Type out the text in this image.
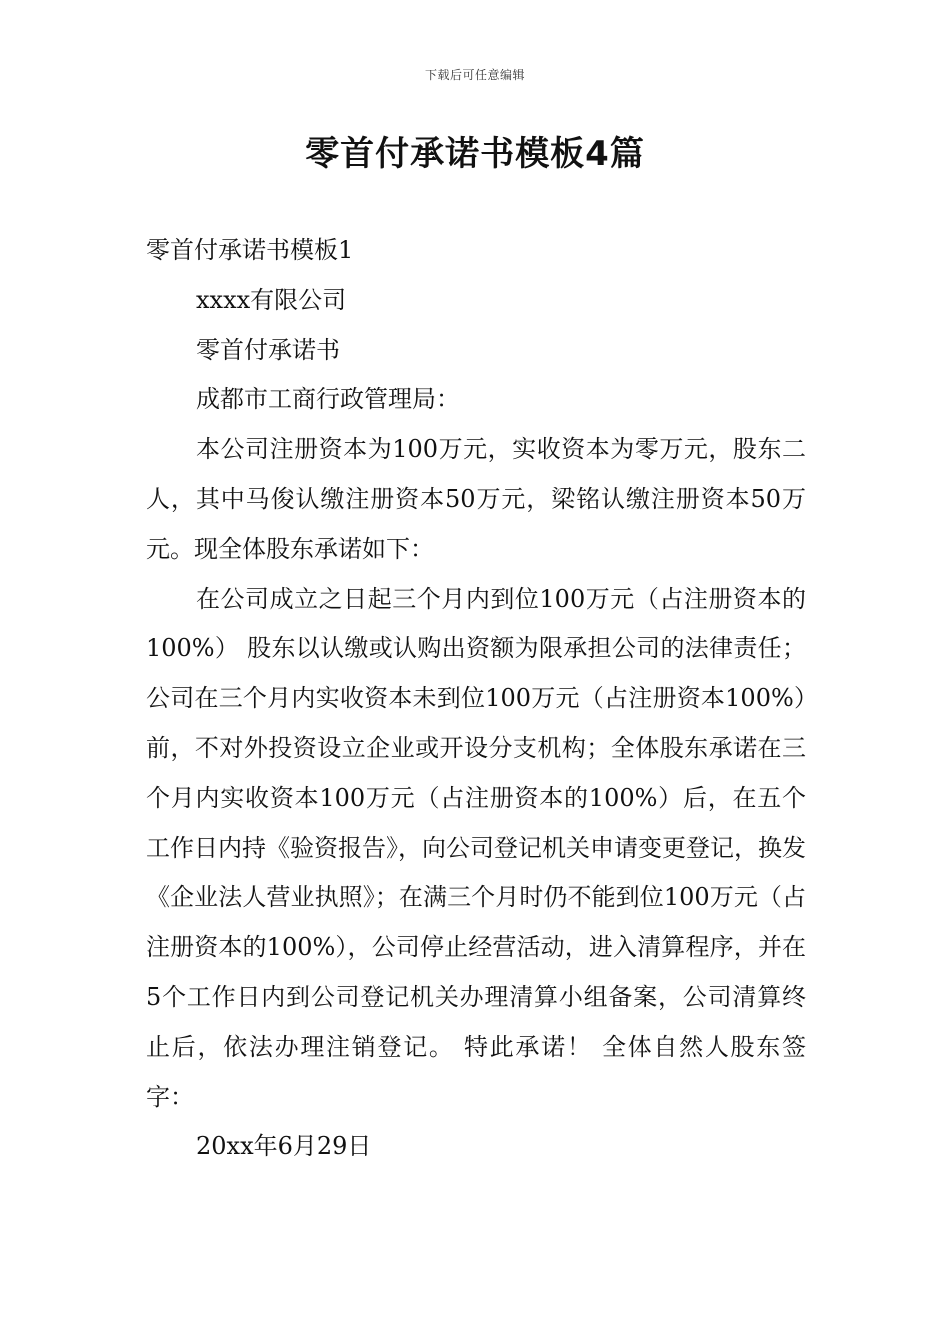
下载后可任意编辑
零首付承诺书模板4篇

零首付承诺书模板1

xxxx有限公司

零首付承诺书

成都市工商行政管理局：

本公司注册资本为100万元，实收资本为零万元，股东二人，其中马俊认缴注册资本50万元，梁铭认缴注册资本50万元。现全体股东承诺如下：

在公司成立之日起三个月内到位100万元（占注册资本的100%） 股东以认缴或认购出资额为限承担公司的法律责任；公司在三个月内实收资本未到位100万元（占注册资本100%）前，不对外投资设立企业或开设分支机构；全体股东承诺在三个月内实收资本100万元（占注册资本的100%）后，在五个工作日内持《验资报告》，向公司登记机关申请变更登记，换发《企业法人营业执照》；在满三个月时仍不能到位100万元（占注册资本的100%），公司停止经营活动，进入清算程序，并在5个工作日内到公司登记机关办理清算小组备案，公司清算终止后，依法办理注销登记。 特此承诺！ 全体自然人股东签字：

20xx年6月29日
